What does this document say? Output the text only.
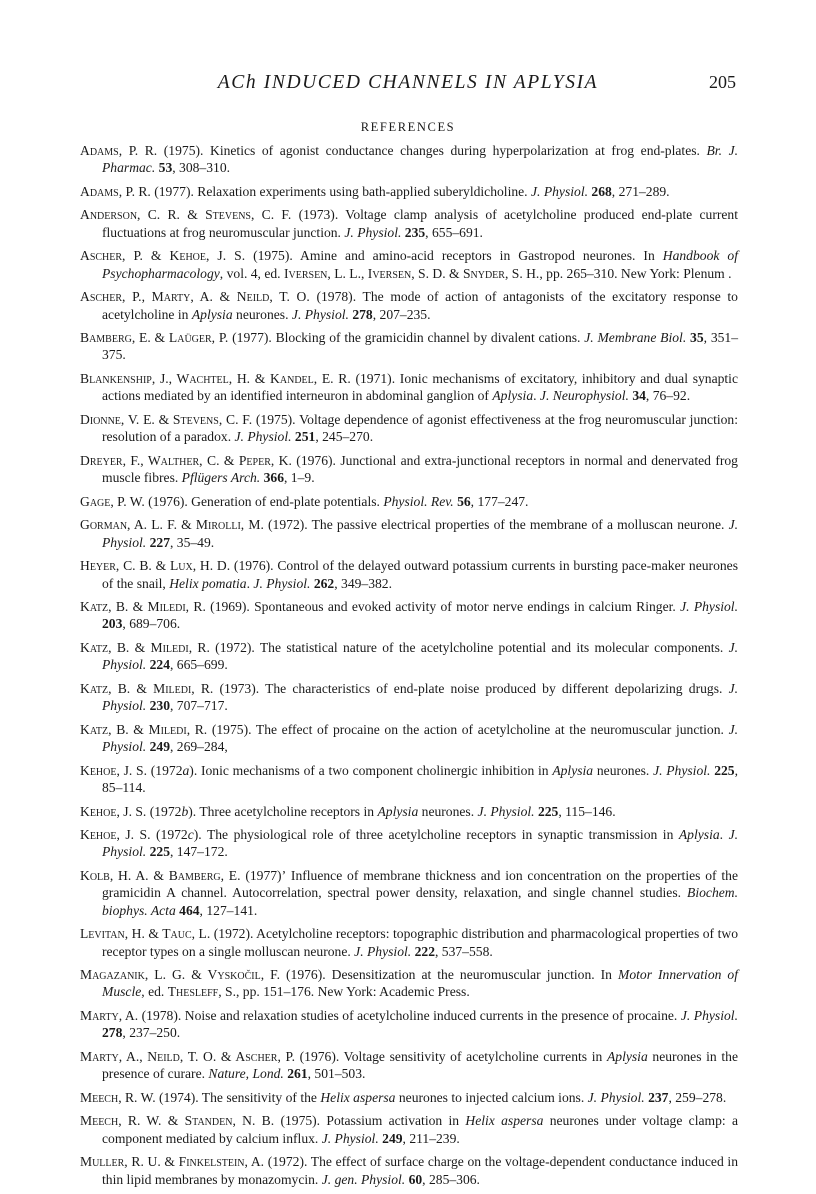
ACh INDUCED CHANNELS IN APLYSIA	205
REFERENCES
Adams, P. R. (1975). Kinetics of agonist conductance changes during hyperpolarization at frog end-plates. Br. J. Pharmac. 53, 308–310.
Adams, P. R. (1977). Relaxation experiments using bath-applied suberyldicholine. J. Physiol. 268, 271–289.
Anderson, C. R. & Stevens, C. F. (1973). Voltage clamp analysis of acetylcholine produced end-plate current fluctuations at frog neuromuscular junction. J. Physiol. 235, 655–691.
Ascher, P. & Kehoe, J. S. (1975). Amine and amino-acid receptors in Gastropod neurones. In Handbook of Psychopharmacology, vol. 4, ed. Iversen, L. L., Iversen, S. D. & Snyder, S. H., pp. 265–310. New York: Plenum .
Ascher, P., Marty, A. & Neild, T. O. (1978). The mode of action of antagonists of the excitatory response to acetylcholine in Aplysia neurones. J. Physiol. 278, 207–235.
Bamberg, E. & Laüger, P. (1977). Blocking of the gramicidin channel by divalent cations. J. Membrane Biol. 35, 351–375.
Blankenship, J., Wachtel, H. & Kandel, E. R. (1971). Ionic mechanisms of excitatory, inhibitory and dual synaptic actions mediated by an identified interneuron in abdominal ganglion of Aplysia. J. Neurophysiol. 34, 76–92.
Dionne, V. E. & Stevens, C. F. (1975). Voltage dependence of agonist effectiveness at the frog neuromuscular junction: resolution of a paradox. J. Physiol. 251, 245–270.
Dreyer, F., Walther, C. & Peper, K. (1976). Junctional and extra-junctional receptors in normal and denervated frog muscle fibres. Pflügers Arch. 366, 1–9.
Gage, P. W. (1976). Generation of end-plate potentials. Physiol. Rev. 56, 177–247.
Gorman, A. L. F. & Mirolli, M. (1972). The passive electrical properties of the membrane of a molluscan neurone. J. Physiol. 227, 35–49.
Heyer, C. B. & Lux, H. D. (1976). Control of the delayed outward potassium currents in bursting pace-maker neurones of the snail, Helix pomatia. J. Physiol. 262, 349–382.
Katz, B. & Miledi, R. (1969). Spontaneous and evoked activity of motor nerve endings in calcium Ringer. J. Physiol. 203, 689–706.
Katz, B. & Miledi, R. (1972). The statistical nature of the acetylcholine potential and its molecular components. J. Physiol. 224, 665–699.
Katz, B. & Miledi, R. (1973). The characteristics of end-plate noise produced by different depolarizing drugs. J. Physiol. 230, 707–717.
Katz, B. & Miledi, R. (1975). The effect of procaine on the action of acetylcholine at the neuromuscular junction. J. Physiol. 249, 269–284,
Kehoe, J. S. (1972a). Ionic mechanisms of a two component cholinergic inhibition in Aplysia neurones. J. Physiol. 225, 85–114.
Kehoe, J. S. (1972b). Three acetylcholine receptors in Aplysia neurones. J. Physiol. 225, 115–146.
Kehoe, J. S. (1972c). The physiological role of three acetylcholine receptors in synaptic transmission in Aplysia. J. Physiol. 225, 147–172.
Kolb, H. A. & Bamberg, E. (1977)ʼ Influence of membrane thickness and ion concentration on the properties of the gramicidin A channel. Autocorrelation, spectral power density, relaxation, and single channel studies. Biochem. biophys. Acta 464, 127–141.
Levitan, H. & Tauc, L. (1972). Acetylcholine receptors: topographic distribution and pharmacological properties of two receptor types on a single molluscan neurone. J. Physiol. 222, 537–558.
Magazanik, L. G. & Vyskočil, F. (1976). Desensitization at the neuromuscular junction. In Motor Innervation of Muscle, ed. Thesleff, S., pp. 151–176. New York: Academic Press.
Marty, A. (1978). Noise and relaxation studies of acetylcholine induced currents in the presence of procaine. J. Physiol. 278, 237–250.
Marty, A., Neild, T. O. & Ascher, P. (1976). Voltage sensitivity of acetylcholine currents in Aplysia neurones in the presence of curare. Nature, Lond. 261, 501–503.
Meech, R. W. (1974). The sensitivity of the Helix aspersa neurones to injected calcium ions. J. Physiol. 237, 259–278.
Meech, R. W. & Standen, N. B. (1975). Potassium activation in Helix aspersa neurones under voltage clamp: a component mediated by calcium influx. J. Physiol. 249, 211–239.
Muller, R. U. & Finkelstein, A. (1972). The effect of surface charge on the voltage-dependent conductance induced in thin lipid membranes by monazomycin. J. gen. Physiol. 60, 285–306.
